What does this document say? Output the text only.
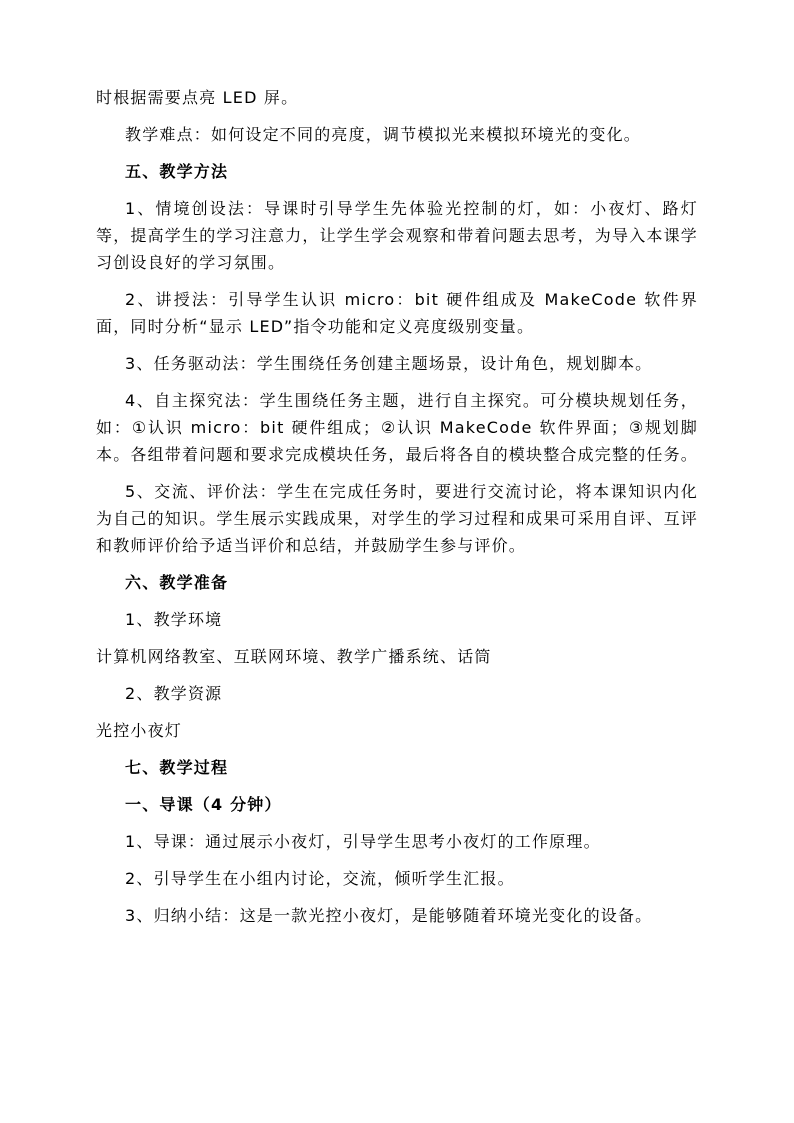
时根据需要点亮 LED 屏。

教学难点：如何设定不同的亮度，调节模拟光来模拟环境光的变化。

五、教学方法

1、情境创设法：导课时引导学生先体验光控制的灯，如：小夜灯、路灯等，提高学生的学习注意力，让学生学会观察和带着问题去思考，为导入本课学习创设良好的学习氛围。

2、讲授法：引导学生认识 micro：bit 硬件组成及 MakeCode 软件界面，同时分析“显示 LED”指令功能和定义亮度级别变量。

3、任务驱动法：学生围绕任务创建主题场景，设计角色，规划脚本。

4、自主探究法：学生围绕任务主题，进行自主探究。可分模块规划任务，如：①认识 micro：bit 硬件组成；②认识 MakeCode 软件界面；③规划脚本。各组带着问题和要求完成模块任务，最后将各自的模块整合成完整的任务。

5、交流、评价法：学生在完成任务时，要进行交流讨论，将本课知识内化为自己的知识。学生展示实践成果，对学生的学习过程和成果可采用自评、互评和教师评价给予适当评价和总结，并鼓励学生参与评价。

六、教学准备

1、教学环境

计算机网络教室、互联网环境、教学广播系统、话筒

2、教学资源

光控小夜灯

七、教学过程

一、导课（4 分钟）

1、导课：通过展示小夜灯，引导学生思考小夜灯的工作原理。

2、引导学生在小组内讨论，交流，倾听学生汇报。

3、归纳小结：这是一款光控小夜灯，是能够随着环境光变化的设备。
